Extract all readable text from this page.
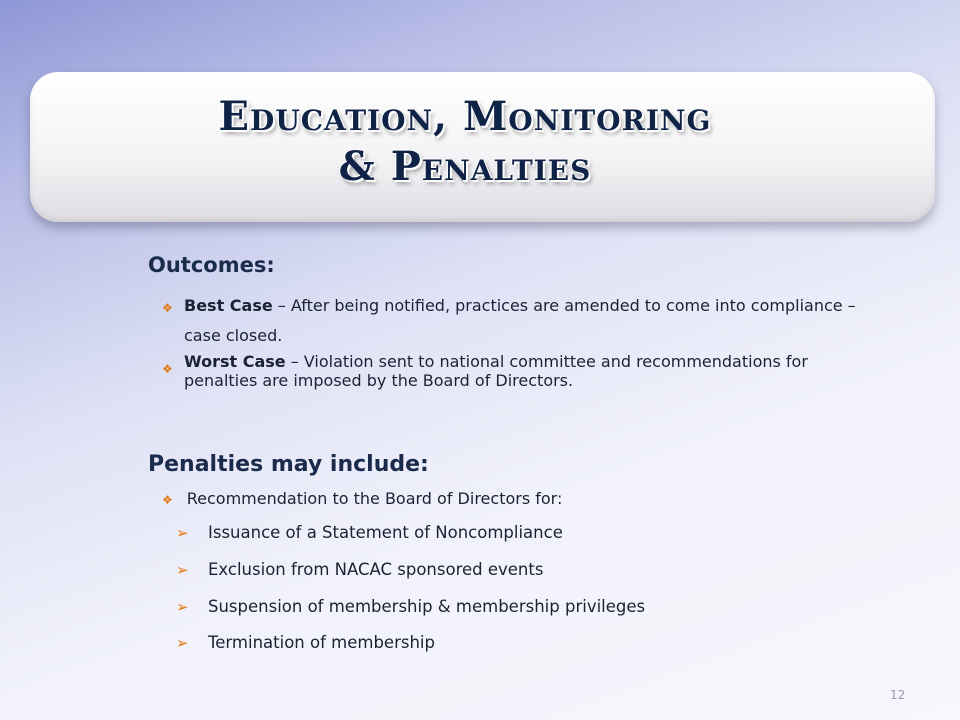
Education, Monitoring
& Penalties
Outcomes:
❖ Best Case – After being notified, practices are amended to come into compliance – case closed.
❖ Worst Case – Violation sent to national committee and recommendations for penalties are imposed by the Board of Directors.
Penalties may include:
❖ Recommendation to the Board of Directors for:
➢ Issuance of a Statement of Noncompliance
➢ Exclusion from NACAC sponsored events
➢ Suspension of membership & membership privileges
➢ Termination of membership
12
